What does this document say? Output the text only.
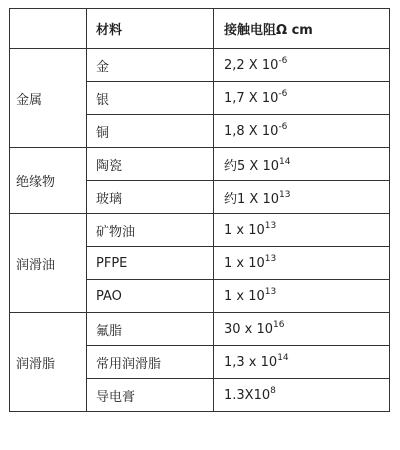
	材料	接触电阻Ω cm
金属	金	2,2 X $10^{-6}$
	银	1,7 X $10^{-6}$
	铜	1,8 X $10^{-6}$
绝缘物	陶瓷	约5 X $10^{14}$
	玻璃	约1 X $10^{13}$
润滑油	矿物油	1 x $10^{13}$
	PFPE	1 x $10^{13}$
	PAO	1 x $10^{13}$
润滑脂	氟脂	30 x $10^{16}$
	常用润滑脂	1,3 x $10^{14}$
	导电膏	$1.3X10^8$
